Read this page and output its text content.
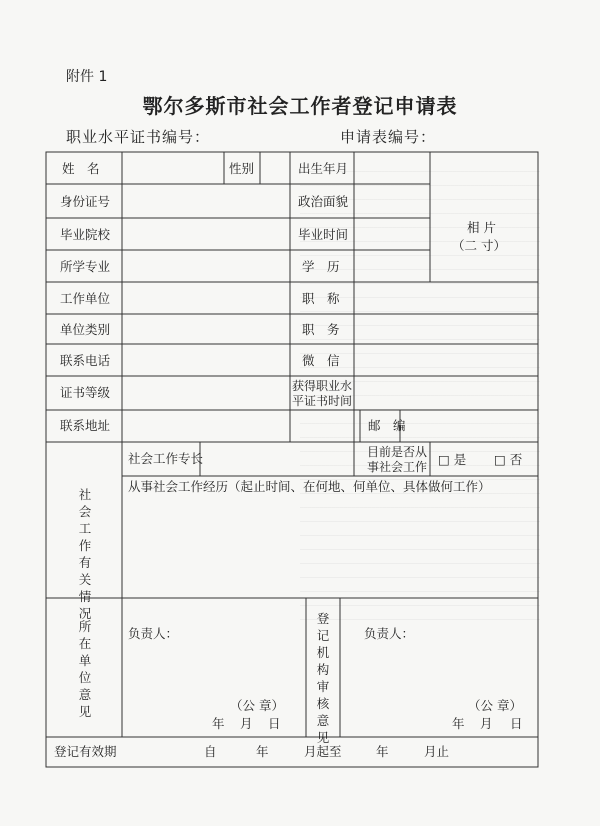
附件 1
鄂尔多斯市社会工作者登记申请表
职业水平证书编号：	申请表编号：
姓　名	性别	出生年月
相 片
（二 寸）
身份证号	政治面貌
毕业院校	毕业时间
所学专业	学　历
工作单位	职　称
单位类别	职　务
联系电话	微　信
证书等级	获得职业水
平证书时间
联系地址	邮　编
社会工作有关情况
社会工作专长	目前是否从
事社会工作 □ 是 □ 否
从事社会工作经历（起止时间、在何地、何单位、具体做何工作）
所在单位意见
负责人：
（公 章）
年 月 日
登记机构审核意见
负责人：
（公 章）
年 月 日
登记有效期	自	年	月起至	年	月止
